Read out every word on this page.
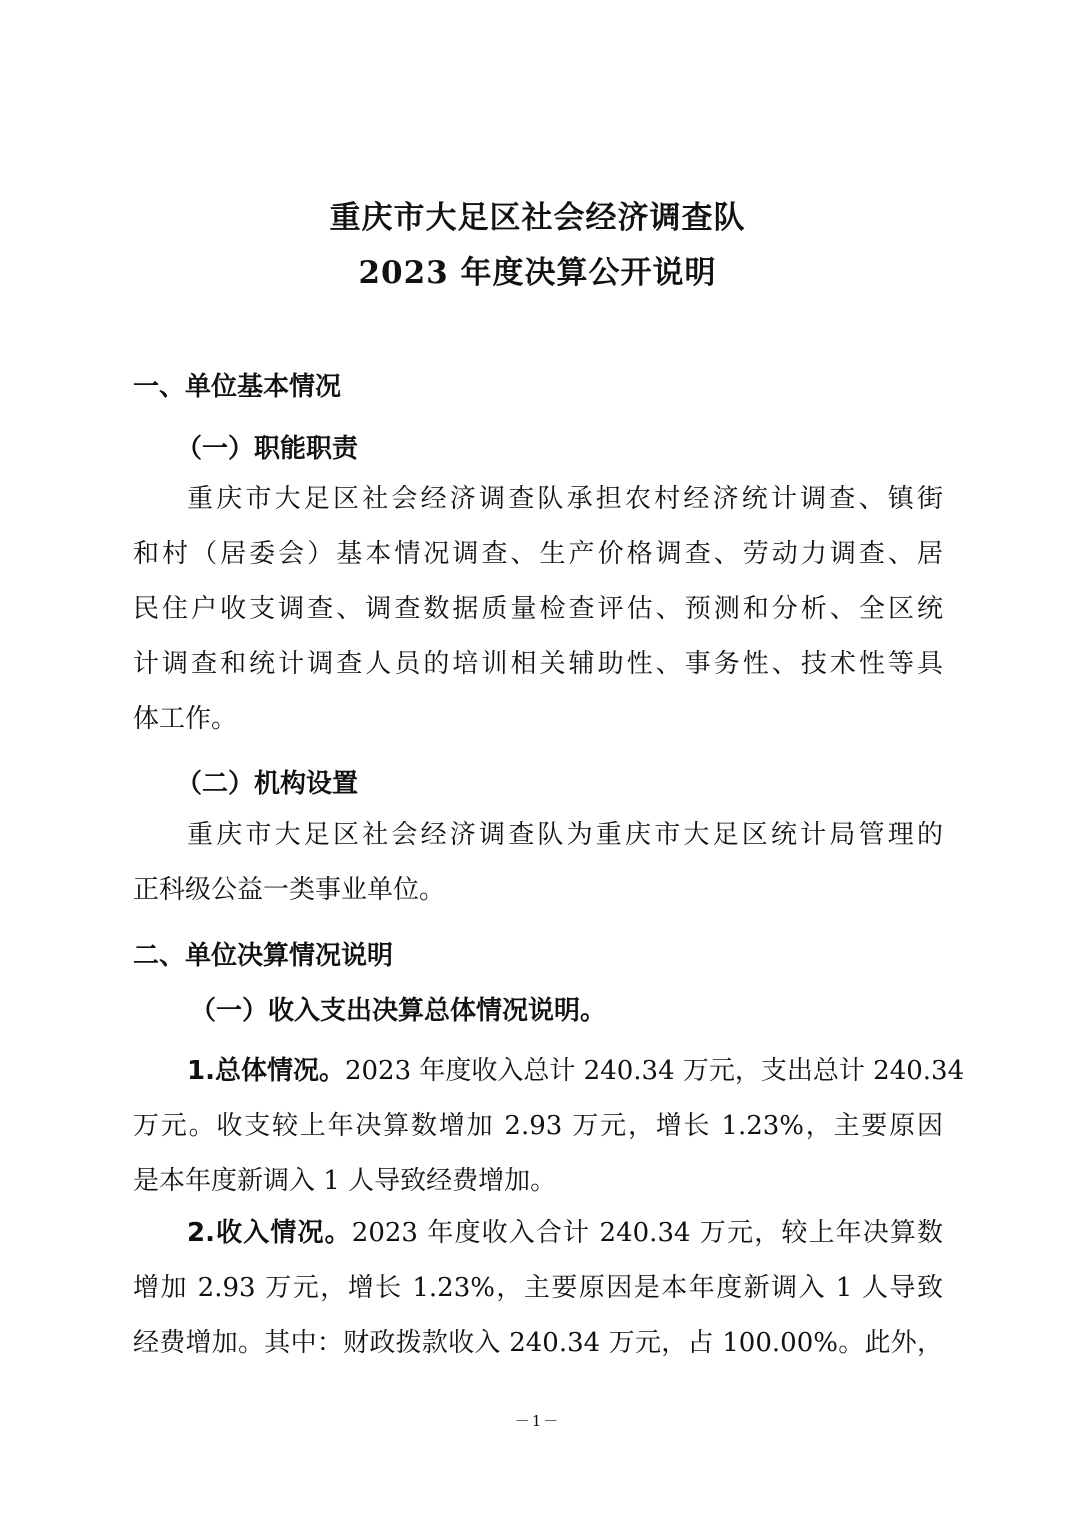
重庆市大足区社会经济调查队
2023 年度决算公开说明
一、单位基本情况
（一）职能职责
重庆市大足区社会经济调查队承担农村经济统计调查、镇街
和村（居委会）基本情况调查、生产价格调查、劳动力调查、居
民住户收支调查、调查数据质量检查评估、预测和分析、全区统
计调查和统计调查人员的培训相关辅助性、事务性、技术性等具
体工作。
（二）机构设置
重庆市大足区社会经济调查队为重庆市大足区统计局管理的
正科级公益一类事业单位。
二、单位决算情况说明
（一）收入支出决算总体情况说明。
1.总体情况。2023 年度收入总计 240.34 万元，支出总计 240.34
万元。收支较上年决算数增加 2.93 万元，增长 1.23%，主要原因
是本年度新调入 1 人导致经费增加。
2.收入情况。2023 年度收入合计 240.34 万元，较上年决算数
增加 2.93 万元，增长 1.23%，主要原因是本年度新调入 1 人导致
经费增加。其中：财政拨款收入 240.34 万元，占 100.00%。此外，
－1－
